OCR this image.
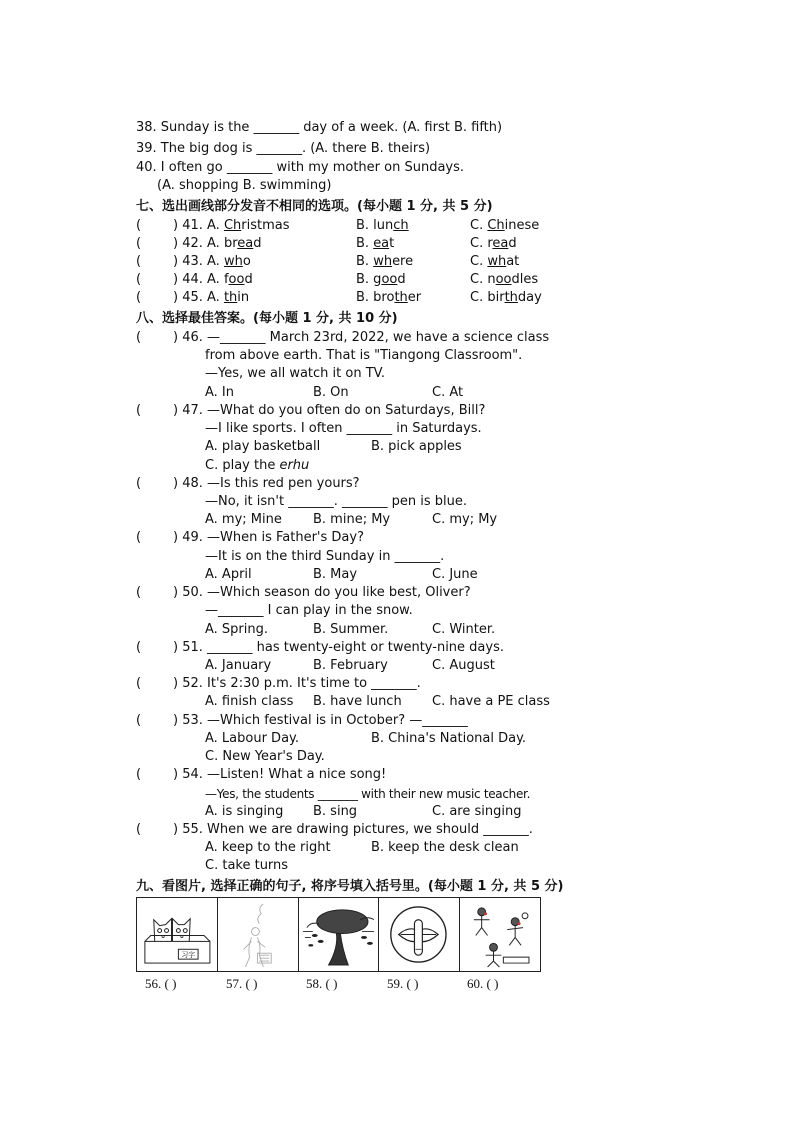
38. Sunday is the _______ day of a week. (A. first B. fifth)
39. The big dog is _______. (A. there B. theirs)
40. I often go _______ with my mother on Sundays.
(A. shopping B. swimming)
七、选出画线部分发音不相同的选项。(每小题 1 分, 共 5 分)
( ) 41. A. Christmas	B. lunch	C. Chinese
( ) 42. A. bread	B. eat	C. read
( ) 43. A. who	B. where	C. what
( ) 44. A. food	B. good	C. noodles
( ) 45. A. thin	B. brother	C. birthday
八、选择最佳答案。(每小题 1 分, 共 10 分)
( ) 46. —_______ March 23rd, 2022, we have a science class
from above earth. That is "Tiangong Classroom".
—Yes, we all watch it on TV.
A. In	B. On	C. At
( ) 47. —What do you often do on Saturdays, Bill?
—I like sports. I often _______ in Saturdays.
A. play basketball	B. pick apples
C. play the erhu
( ) 48. —Is this red pen yours?
—No, it isn't _______. _______ pen is blue.
A. my; Mine B. mine; My	C. my; My
( ) 49. —When is Father's Day?
—It is on the third Sunday in _______.
A. April	B. May	C. June
( ) 50. —Which season do you like best, Oliver?
—_______ I can play in the snow.
A. Spring.	B. Summer.	C. Winter.
( ) 51. _______ has twenty-eight or twenty-nine days.
A. January	B. February	C. August
( ) 52. It's 2:30 p.m. It's time to _______.
A. finish class B. have lunch C. have a PE class
( ) 53. —Which festival is in October? —_______
A. Labour Day.	B. China's National Day.
C. New Year's Day.
( ) 54. —Listen! What a nice song!
—Yes, the students _______ with their new music teacher.
A. is singing B. sing	C. are singing
( ) 55. When we are drawing pictures, we should _______.
A. keep to the right	B. keep the desk clean
C. take turns
九、看图片, 选择正确的句子, 将序号填入括号里。(每小题 1 分, 共 5 分)
习字
56. ( )	57. ( )	58. ( )	59. ( )	60. ( )
